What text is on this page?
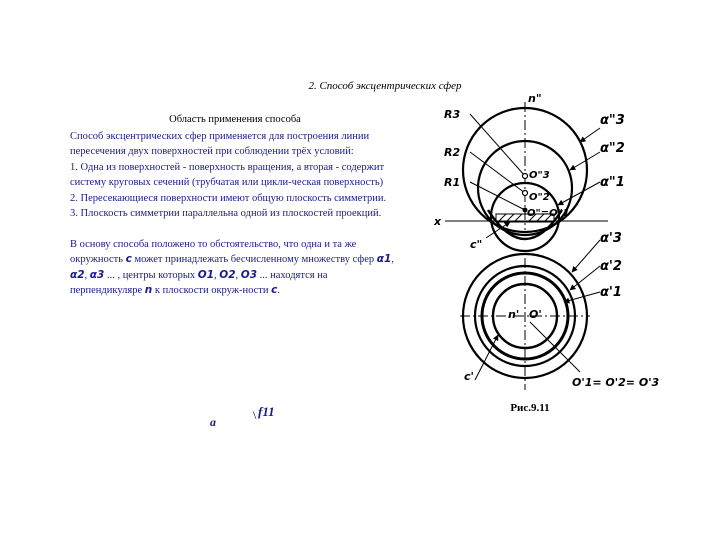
2. Способ эксцентрических сфер
Область применения способа

Способ эксцентрических сфер применяется для построения линии пересечения двух поверхностей при соблюдении трёх условий:

1. Одна из поверхностей - поверхность вращения, а вторая - содержит систему круговых сечений (трубчатая или цикли-ческая поверхность)

2. Пересекающиеся поверхности имеют общую плоскость симметрии.

3. Плоскость симметрии параллельна одной из плоскостей проекций.

В основу способа положено то обстоятельство, что одна и та же окружность c может принадлежать бесчисленному множеству сфер α1, α2, α3 ... , центры которых O1, O2, O3 ... находятся на перпендикуляре n к плоскости окруж-ности c.

n"
R3
R2
R1
α"3
α"2
α"1
O"3
O"2
O"=O"1
x
c"	α'3
α'2
α'1
n' O'
c'	O'1= O'2= O'3
Рис.9.11
\ f11
a
